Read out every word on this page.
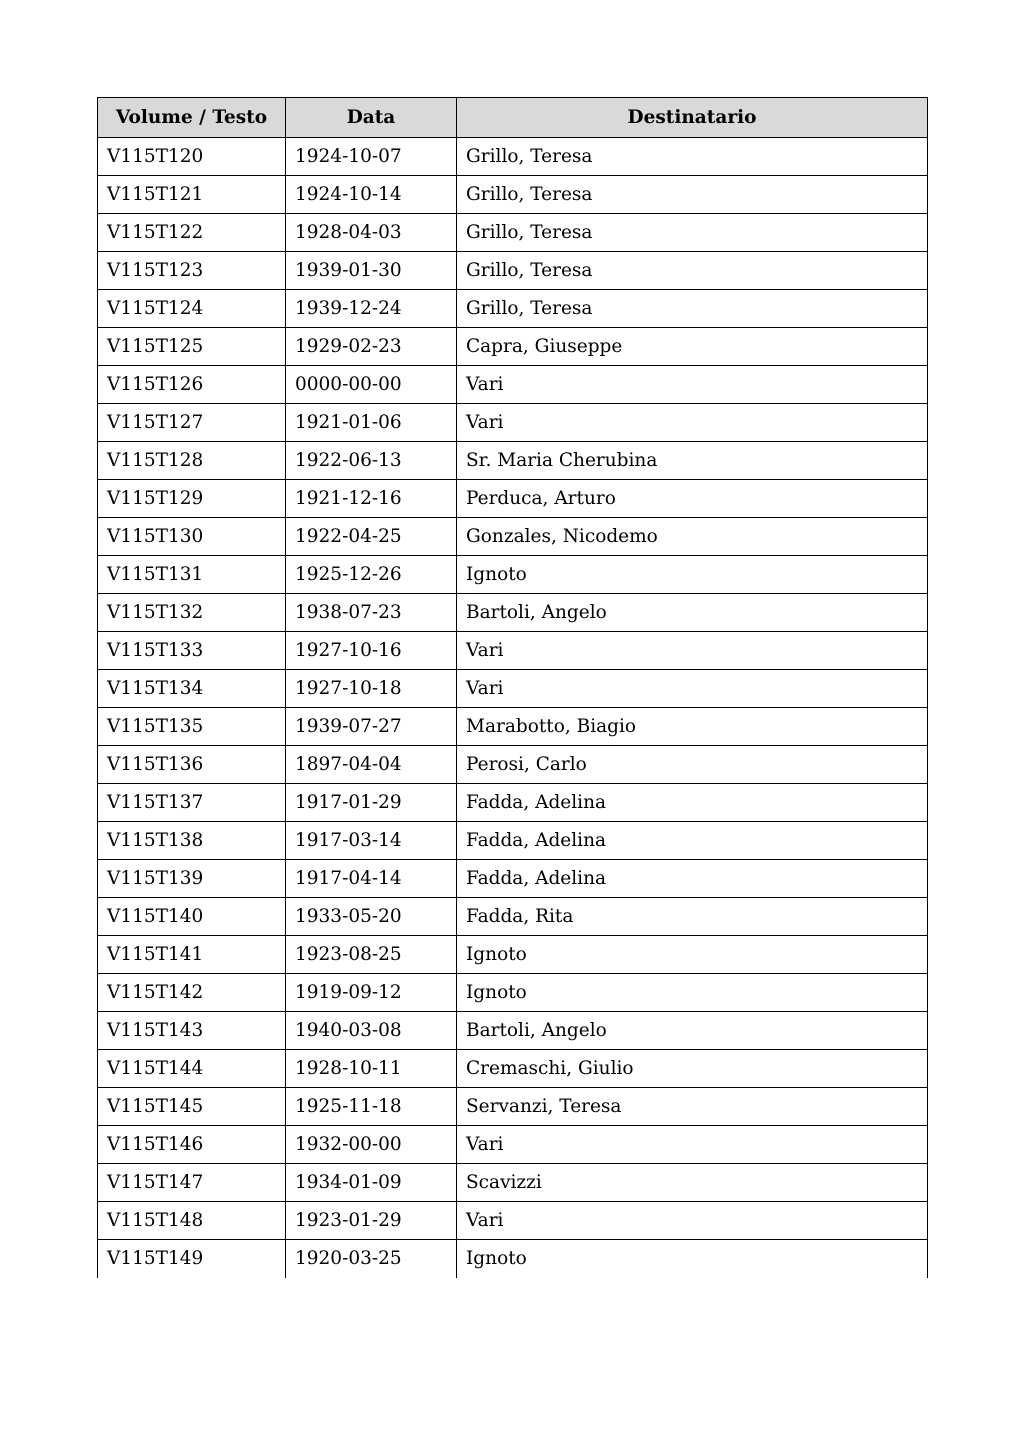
Volume / Testo	Data	Destinatario
V115T120	1924-10-07	Grillo, Teresa
V115T121	1924-10-14	Grillo, Teresa
V115T122	1928-04-03	Grillo, Teresa
V115T123	1939-01-30	Grillo, Teresa
V115T124	1939-12-24	Grillo, Teresa
V115T125	1929-02-23	Capra, Giuseppe
V115T126	0000-00-00	Vari
V115T127	1921-01-06	Vari
V115T128	1922-06-13	Sr. Maria Cherubina
V115T129	1921-12-16	Perduca, Arturo
V115T130	1922-04-25	Gonzales, Nicodemo
V115T131	1925-12-26	Ignoto
V115T132	1938-07-23	Bartoli, Angelo
V115T133	1927-10-16	Vari
V115T134	1927-10-18	Vari
V115T135	1939-07-27	Marabotto, Biagio
V115T136	1897-04-04	Perosi, Carlo
V115T137	1917-01-29	Fadda, Adelina
V115T138	1917-03-14	Fadda, Adelina
V115T139	1917-04-14	Fadda, Adelina
V115T140	1933-05-20	Fadda, Rita
V115T141	1923-08-25	Ignoto
V115T142	1919-09-12	Ignoto
V115T143	1940-03-08	Bartoli, Angelo
V115T144	1928-10-11	Cremaschi, Giulio
V115T145	1925-11-18	Servanzi, Teresa
V115T146	1932-00-00	Vari
V115T147	1934-01-09	Scavizzi
V115T148	1923-01-29	Vari
V115T149	1920-03-25	Ignoto
